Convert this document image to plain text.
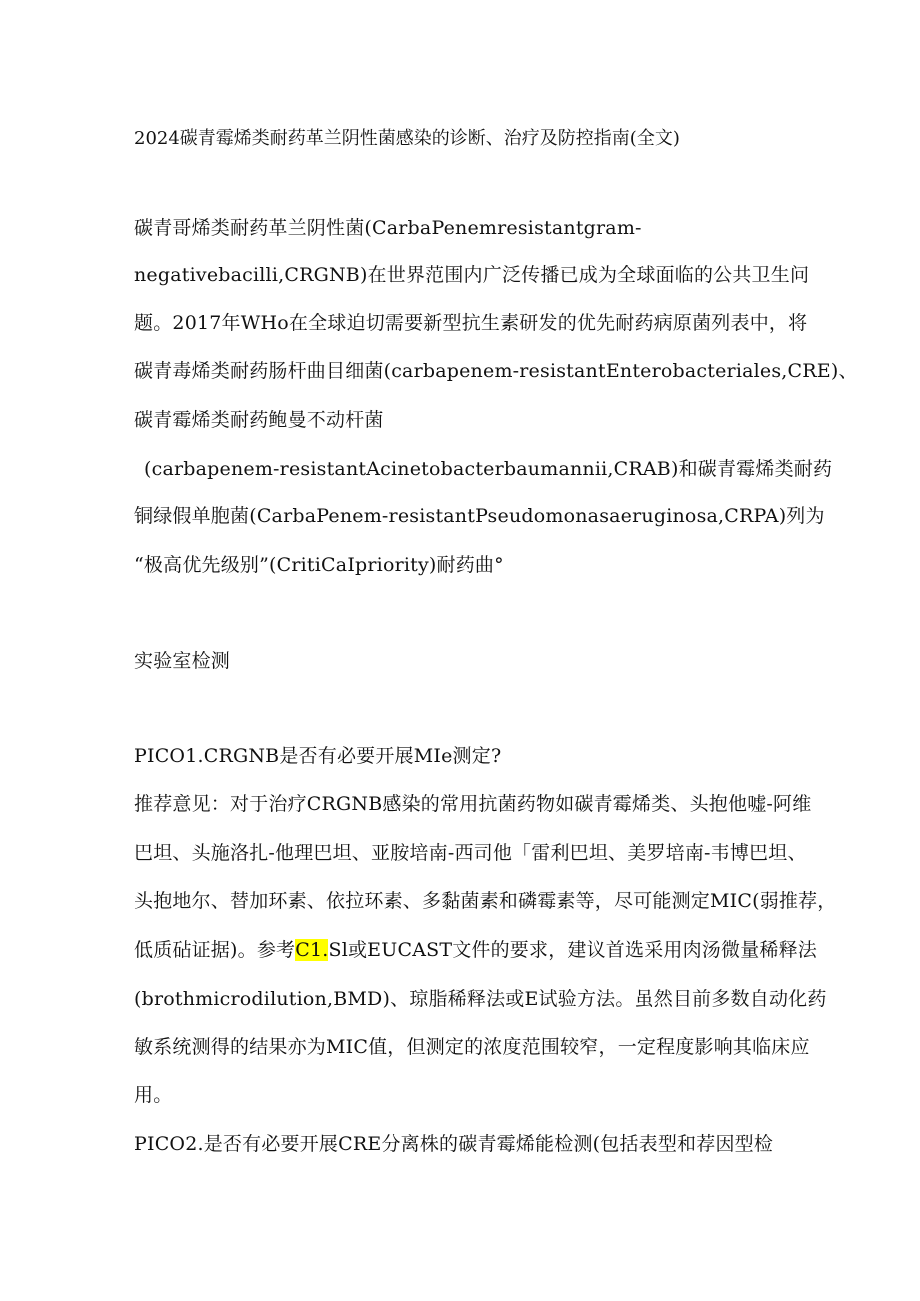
2024碳青霉烯类耐药革兰阴性菌感染的诊断、治疗及防控指南(全文)
碳青哥烯类耐药革兰阴性菌(CarbaPenemresistantgram-
negativebacilli,CRGNB)在世界范围内广泛传播已成为全球面临的公共卫生问
题。2017年WHo在全球迫切需要新型抗生素研发的优先耐药病原菌列表中，将
碳青毒烯类耐药肠杆曲目细菌(carbapenem-resistantEnterobacteriales,CRE)、
碳青霉烯类耐药鲍曼不动杆菌
(carbapenem-resistantAcinetobacterbaumannii,CRAB)和碳青霉烯类耐药
铜绿假单胞菌(CarbaPenem-resistantPseudomonasaeruginosa,CRPA)列为
“极高优先级别”(CritiCaIpriority)耐药曲°
实验室检测
PICO1.CRGNB是否有必要开展MIe测定?
推荐意见：对于治疗CRGNB感染的常用抗菌药物如碳青霉烯类、头抱他嘘-阿维
巴坦、头施洛扎-他理巴坦、亚胺培南-西司他「雷利巴坦、美罗培南-韦博巴坦、
头抱地尔、替加环素、依拉环素、多黏菌素和磷霉素等，尽可能测定MIC(弱推荐，
低质砧证据)。参考C1.Sl或EUCAST文件的要求，建议首选采用肉汤微量稀释法
(brothmicrodilution,BMD)、琼脂稀释法或E试验方法。虽然目前多数自动化药
敏系统测得的结果亦为MIC值，但测定的浓度范围较窄，一定程度影响其临床应
用。
PICO2.是否有必要开展CRE分离株的碳青霉烯能检测(包括表型和荐因型检
